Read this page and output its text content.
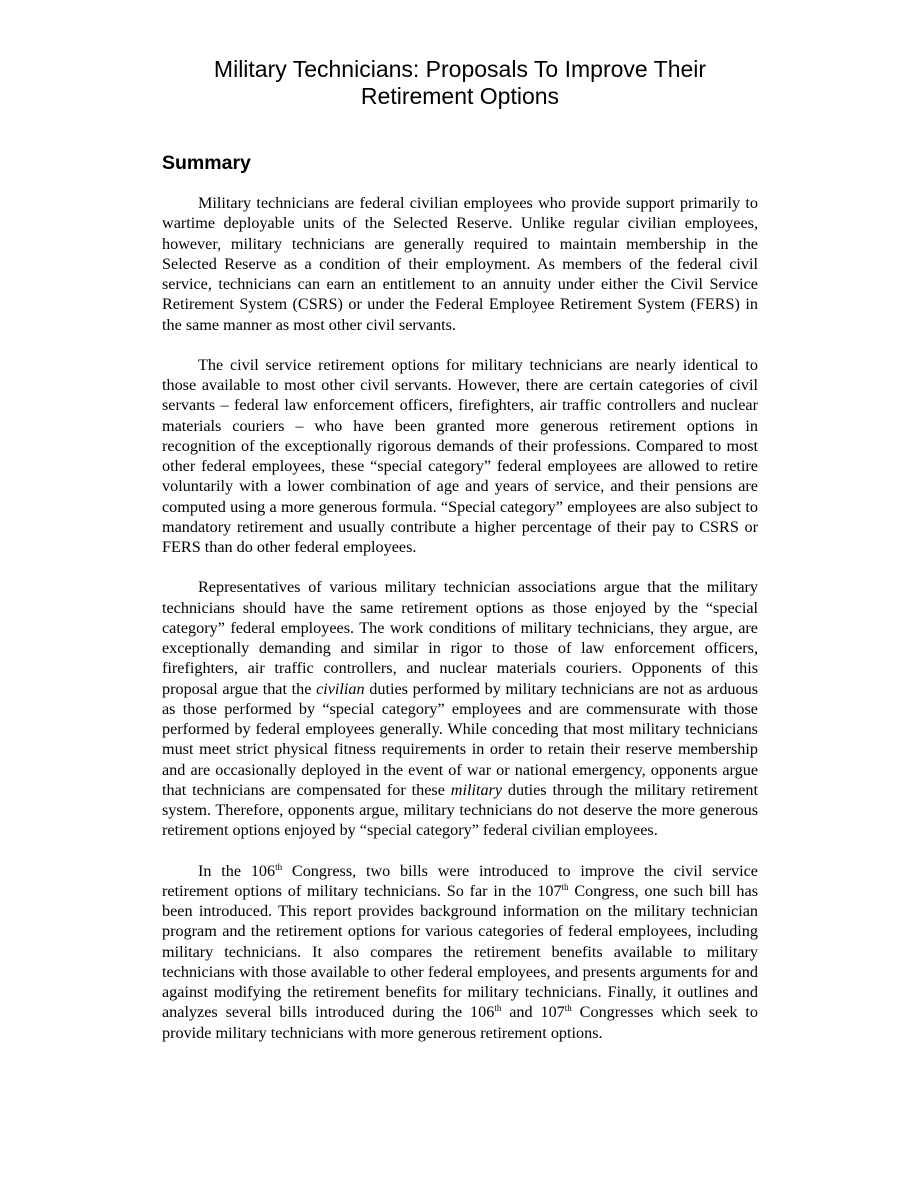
Military Technicians: Proposals To Improve Their
Retirement Options
Summary

Military technicians are federal civilian employees who provide support primarily to wartime deployable units of the Selected Reserve. Unlike regular civilian employees, however, military technicians are generally required to maintain membership in the Selected Reserve as a condition of their employment. As members of the federal civil service, technicians can earn an entitlement to an annuity under either the Civil Service Retirement System (CSRS) or under the Federal Employee Retirement System (FERS) in the same manner as most other civil servants.

The civil service retirement options for military technicians are nearly identical to those available to most other civil servants. However, there are certain categories of civil servants – federal law enforcement officers, firefighters, air traffic controllers and nuclear materials couriers – who have been granted more generous retirement options in recognition of the exceptionally rigorous demands of their professions. Compared to most other federal employees, these “special category” federal employees are allowed to retire voluntarily with a lower combination of age and years of service, and their pensions are computed using a more generous formula. “Special category” employees are also subject to mandatory retirement and usually contribute a higher percentage of their pay to CSRS or FERS than do other federal employees.

Representatives of various military technician associations argue that the military technicians should have the same retirement options as those enjoyed by the “special category” federal employees. The work conditions of military technicians, they argue, are exceptionally demanding and similar in rigor to those of law enforcement officers, firefighters, air traffic controllers, and nuclear materials couriers. Opponents of this proposal argue that the civilian duties performed by military technicians are not as arduous as those performed by “special category” employees and are commensurate with those performed by federal employees generally. While conceding that most military technicians must meet strict physical fitness requirements in order to retain their reserve membership and are occasionally deployed in the event of war or national emergency, opponents argue that technicians are compensated for these military duties through the military retirement system. Therefore, opponents argue, military technicians do not deserve the more generous retirement options enjoyed by “special category” federal civilian employees.

In the 106th Congress, two bills were introduced to improve the civil service retirement options of military technicians. So far in the 107th Congress, one such bill has been introduced. This report provides background information on the military technician program and the retirement options for various categories of federal employees, including military technicians. It also compares the retirement benefits available to military technicians with those available to other federal employees, and presents arguments for and against modifying the retirement benefits for military technicians. Finally, it outlines and analyzes several bills introduced during the 106th and 107th Congresses which seek to provide military technicians with more generous retirement options.
